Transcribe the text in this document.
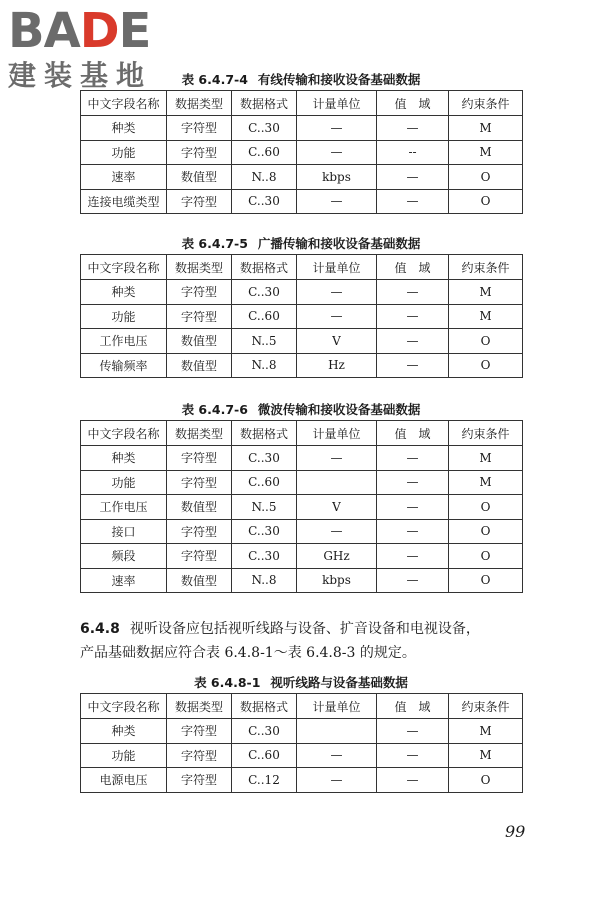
BADE
建装基地	表 6.4.7-4 有线传输和接收设备基础数据
中文字段名称	数据类型	数据格式	计量单位	值　域	约束条件
种类	字符型	C..30	—	—	M
功能	字符型	C..60	—	--	M
速率	数值型	N..8	kbps	—	O
连接电缆类型	字符型	C..30	—	—	O
表 6.4.7-5 广播传输和接收设备基础数据
中文字段名称	数据类型	数据格式	计量单位	值　域	约束条件
种类	字符型	C..30	—	—	M
功能	字符型	C..60	—	—	M
工作电压	数值型	N..5	V	—	O
传输频率	数值型	N..8	Hz	—	O
表 6.4.7-6 微波传输和接收设备基础数据
中文字段名称	数据类型	数据格式	计量单位	值　域	约束条件
种类	字符型	C..30	—	—	M
功能	字符型	C..60		—	M
工作电压	数值型	N..5	V	—	O
接口	字符型	C..30	—	—	O
频段	字符型	C..30	GHz	—	O
速率	数值型	N..8	kbps	—	O
6.4.8 视听设备应包括视听线路与设备、扩音设备和电视设备，
产品基础数据应符合表 6.4.8-1～表 6.4.8-3 的规定。
表 6.4.8-1 视听线路与设备基础数据
中文字段名称	数据类型	数据格式	计量单位	值　域	约束条件
种类	字符型	C..30		—	M
功能	字符型	C..60	—	—	M
电源电压	字符型	C..12	—	—	O
99
